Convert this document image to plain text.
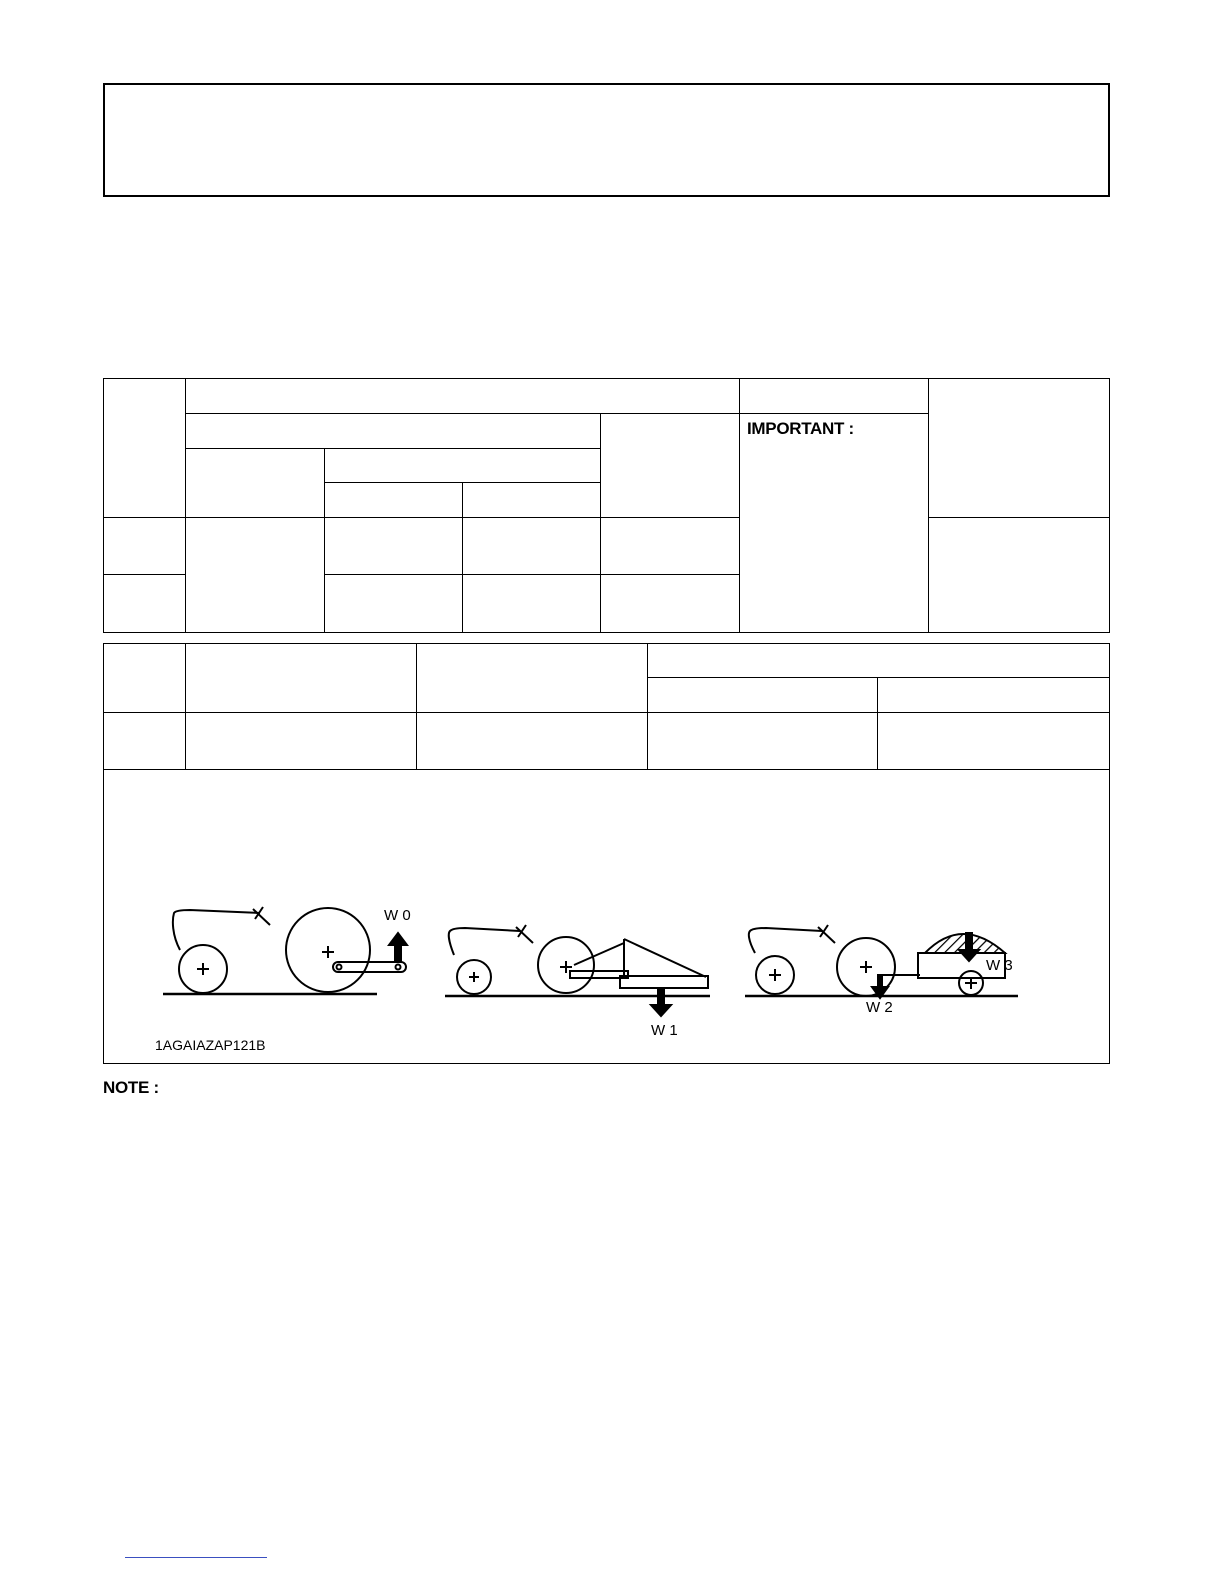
IMPORTANT :
W 0
W 1
W 2
W 3
1AGAIAZAP121B
NOTE :
